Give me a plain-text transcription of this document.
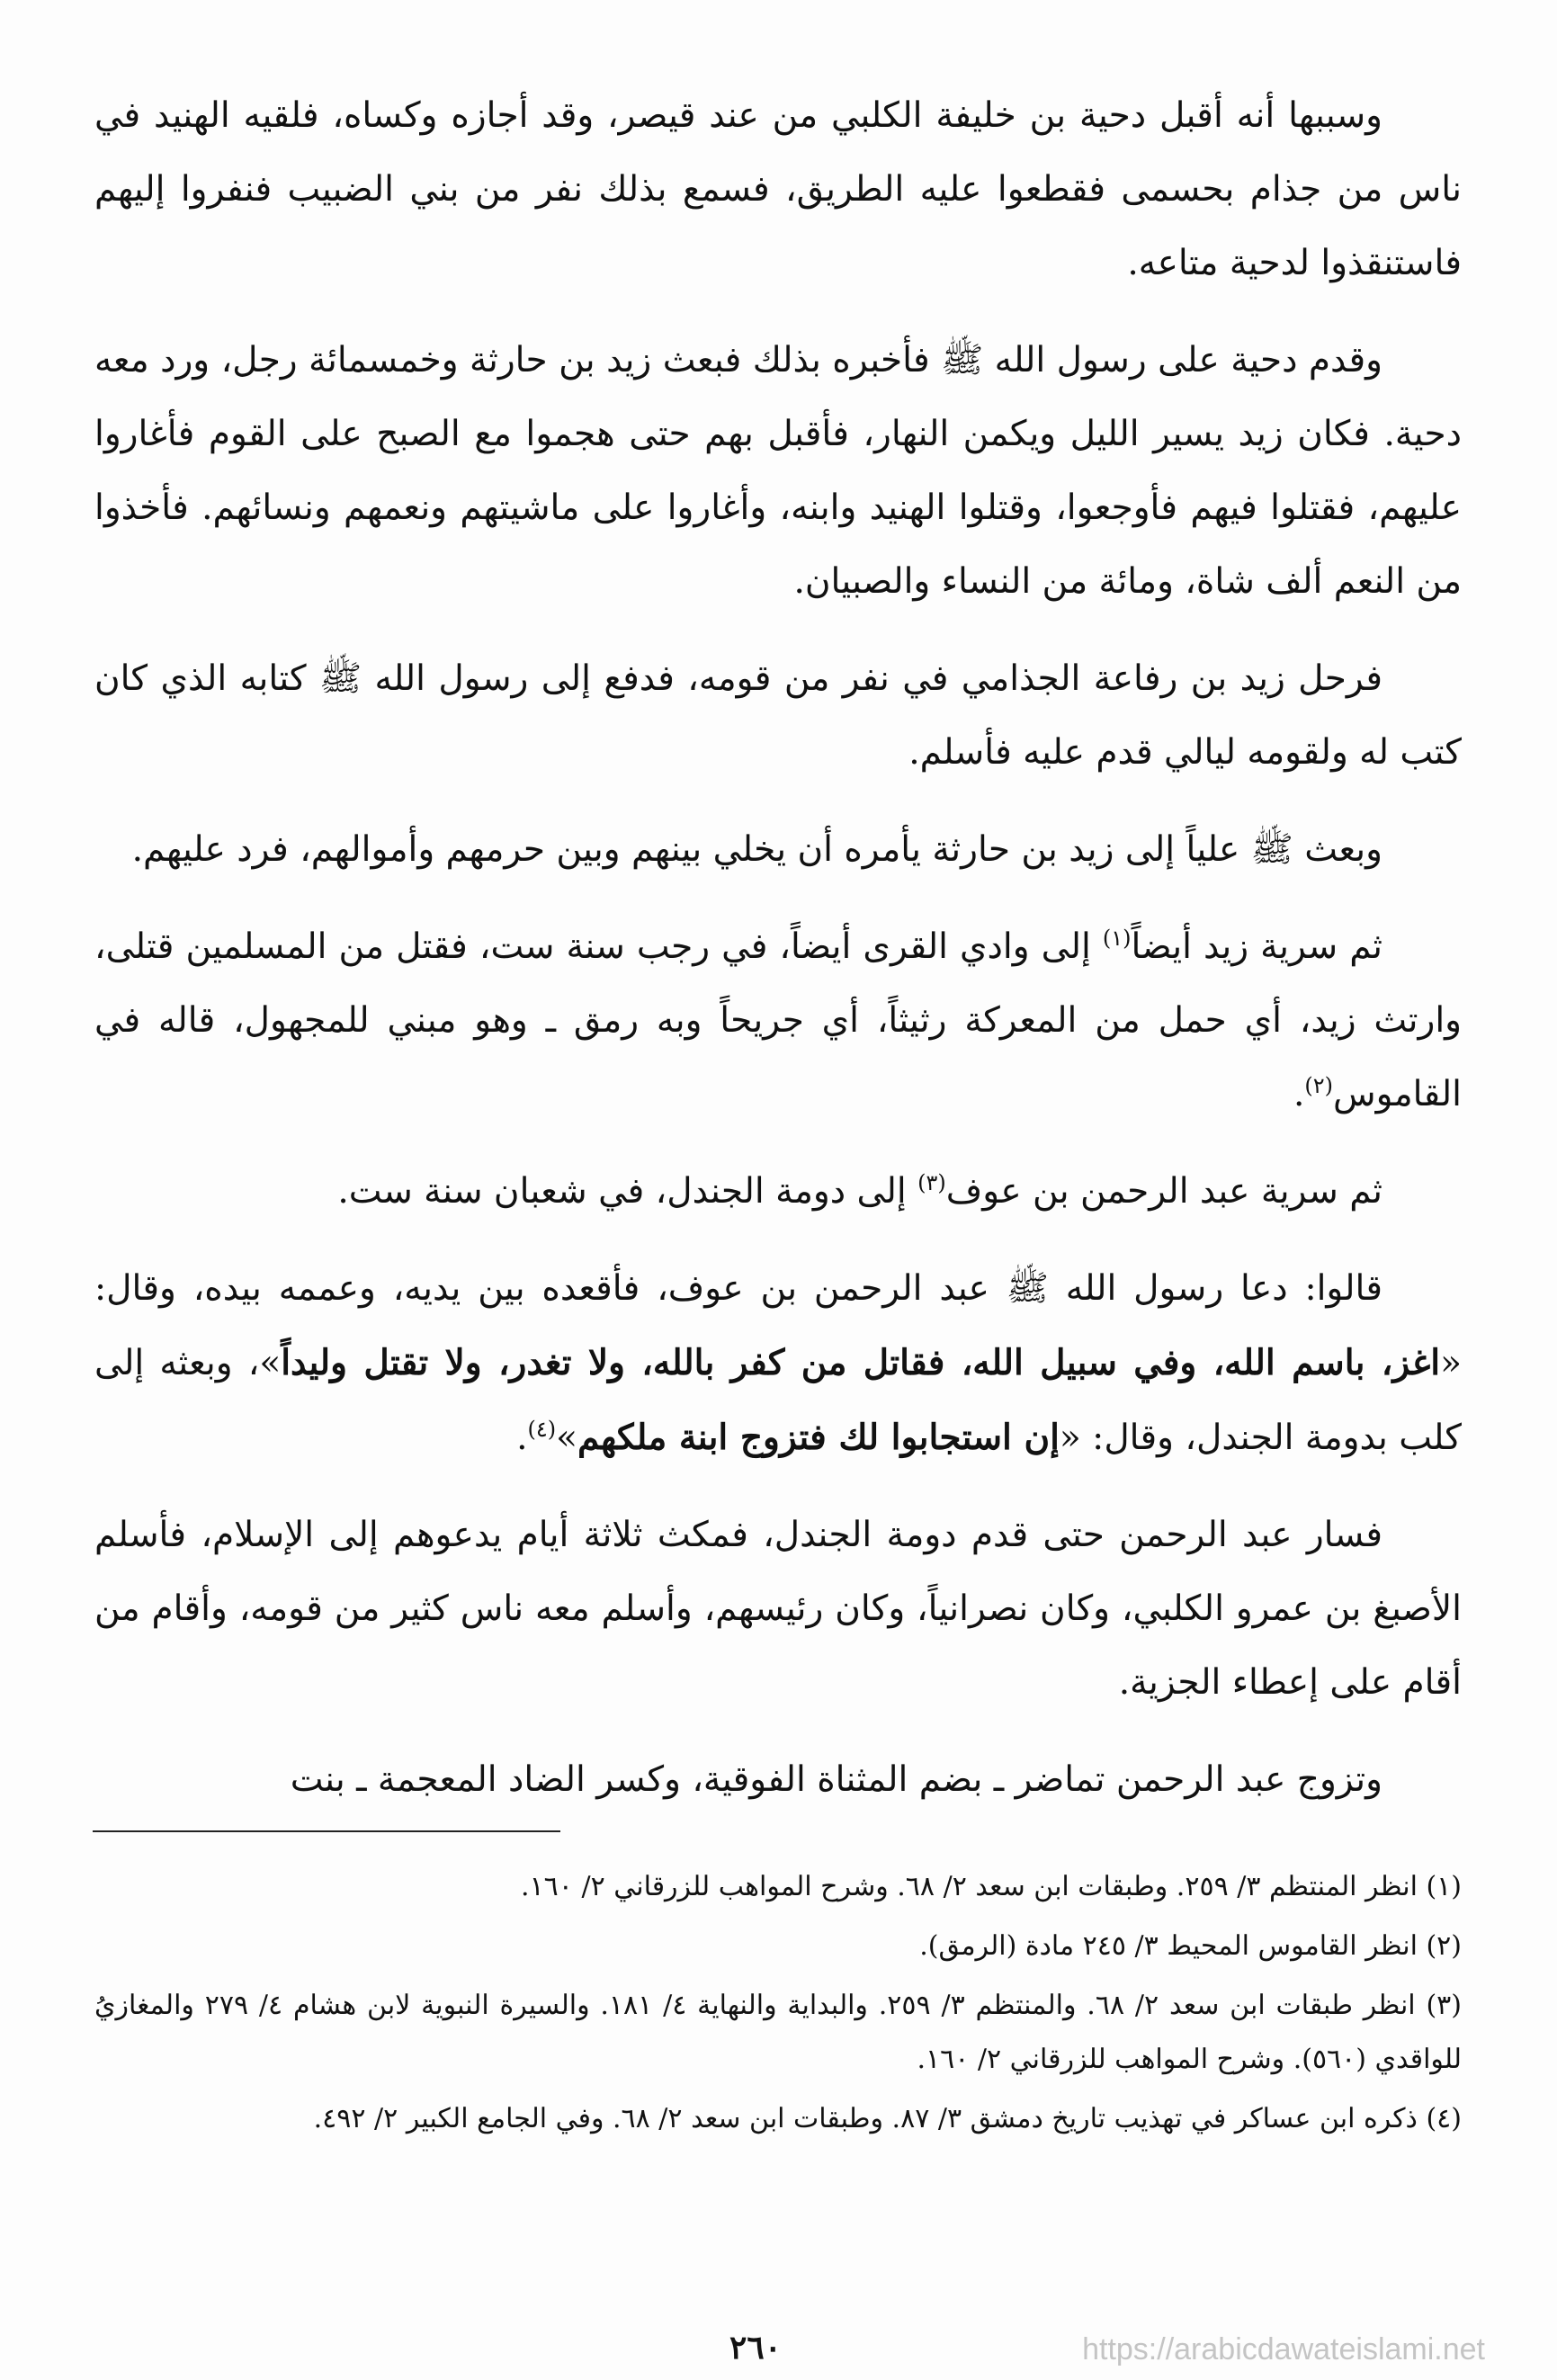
وسببها أنه أقبل دحية بن خليفة الكلبي من عند قيصر، وقد أجازه وكساه، فلقيه الهنيد في ناس من جذام بحسمى فقطعوا عليه الطريق، فسمع بذلك نفر من بني الضبيب فنفروا إليهم فاستنقذوا لدحية متاعه.

وقدم دحية على رسول الله ﷺ فأخبره بذلك فبعث زيد بن حارثة وخمسمائة رجل، ورد معه دحية. فكان زيد يسير الليل ويكمن النهار، فأقبل بهم حتى هجموا مع الصبح على القوم فأغاروا عليهم، فقتلوا فيهم فأوجعوا، وقتلوا الهنيد وابنه، وأغاروا على ماشيتهم ونعمهم ونسائهم. فأخذوا من النعم ألف شاة، ومائة من النساء والصبيان.

فرحل زيد بن رفاعة الجذامي في نفر من قومه، فدفع إلى رسول الله ﷺ كتابه الذي كان كتب له ولقومه ليالي قدم عليه فأسلم.

وبعث ﷺ علياً إلى زيد بن حارثة يأمره أن يخلي بينهم وبين حرمهم وأموالهم، فرد عليهم.

ثم سرية زيد أيضاً$^{(١)}$ إلى وادي القرى أيضاً، في رجب سنة ست، فقتل من المسلمين قتلى، وارتث زيد، أي حمل من المعركة رثيثاً، أي جريحاً وبه رمق ـ وهو مبني للمجهول، قاله في القاموس$^{(٢)}$.

ثم سرية عبد الرحمن بن عوف$^{(٣)}$ إلى دومة الجندل، في شعبان سنة ست.

قالوا: دعا رسول الله ﷺ عبد الرحمن بن عوف، فأقعده بين يديه، وعممه بيده، وقال: «اغز، باسم الله، وفي سبيل الله، فقاتل من كفر بالله، ولا تغدر، ولا تقتل وليداً»، وبعثه إلى كلب بدومة الجندل، وقال: «إن استجابوا لك فتزوج ابنة ملكهم»$^{(٤)}$.

فسار عبد الرحمن حتى قدم دومة الجندل، فمكث ثلاثة أيام يدعوهم إلى الإسلام، فأسلم الأصبغ بن عمرو الكلبي، وكان نصرانياً، وكان رئيسهم، وأسلم معه ناس كثير من قومه، وأقام من أقام على إعطاء الجزية.

وتزوج عبد الرحمن تماضر ـ بضم المثناة الفوقية، وكسر الضاد المعجمة ـ بنت

(١) انظر المنتظم ٣/ ٢٥٩. وطبقات ابن سعد ٢/ ٦٨. وشرح المواهب للزرقاني ٢/ ١٦٠.

(٢) انظر القاموس المحيط ٣/ ٢٤٥ مادة (الرمق).

(٣) انظر طبقات ابن سعد ٢/ ٦٨. والمنتظم ٣/ ٢٥٩. والبداية والنهاية ٤/ ١٨١. والسيرة النبوية لابن هشام ٤/ ٢٧٩ والمغازيُ للواقدي (٥٦٠). وشرح المواهب للزرقاني ٢/ ١٦٠.

(٤) ذكره ابن عساكر في تهذيب تاريخ دمشق ٣/ ٨٧. وطبقات ابن سعد ٢/ ٦٨. وفي الجامع الكبير ٢/ ٤٩٢.

٢٦٠	https://arabicdawateislami.net
